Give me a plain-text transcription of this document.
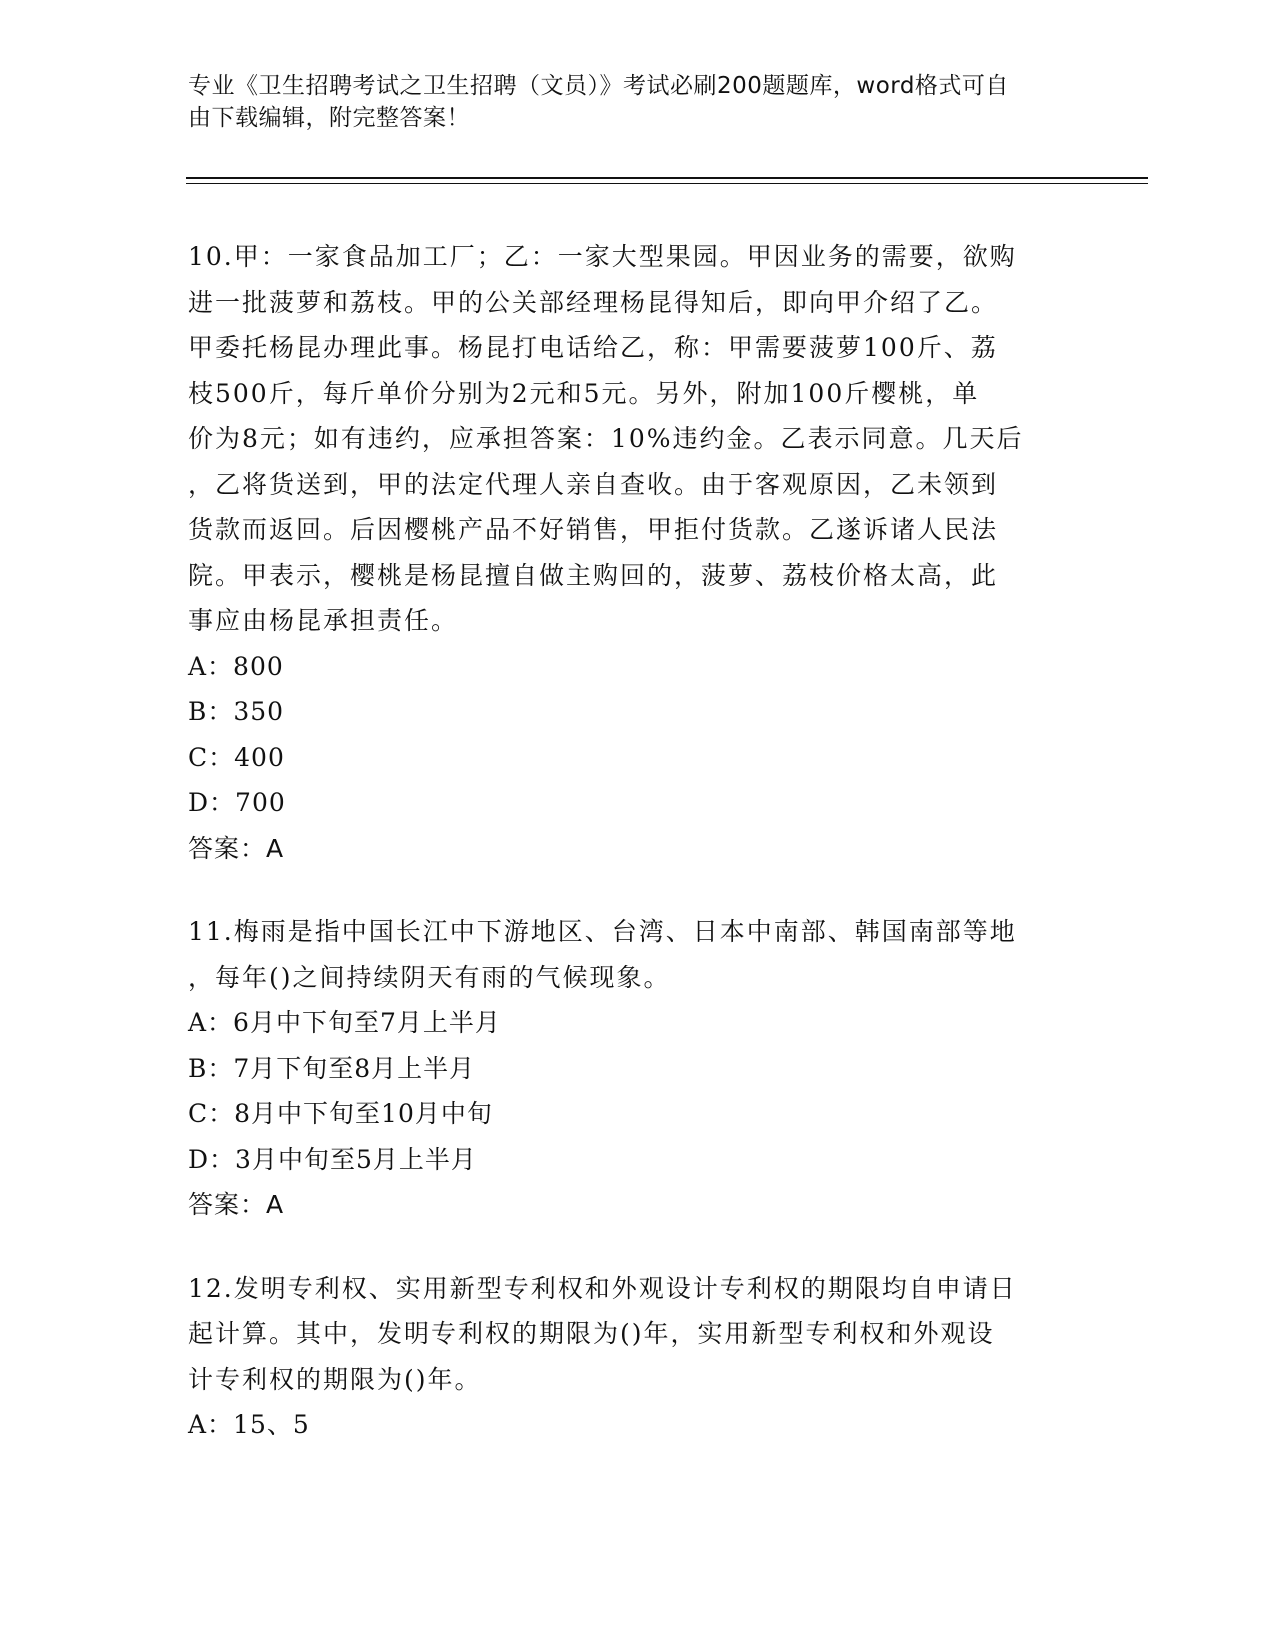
专业《卫生招聘考试之卫生招聘（文员）》考试必刷200题题库，word格式可自
由下载编辑，附完整答案！

10.甲：一家食品加工厂；乙：一家大型果园。甲因业务的需要，欲购
进一批菠萝和荔枝。甲的公关部经理杨昆得知后，即向甲介绍了乙。
甲委托杨昆办理此事。杨昆打电话给乙，称：甲需要菠萝100斤、荔
枝500斤，每斤单价分别为2元和5元。另外，附加100斤樱桃，单
价为8元；如有违约，应承担答案：10%违约金。乙表示同意。几天后
，乙将货送到，甲的法定代理人亲自查收。由于客观原因，乙未领到
货款而返回。后因樱桃产品不好销售，甲拒付货款。乙遂诉诸人民法
院。甲表示，樱桃是杨昆擅自做主购回的，菠萝、荔枝价格太高，此
事应由杨昆承担责任。

A：800

B：350

C：400

D：700

答案：A

11.梅雨是指中国长江中下游地区、台湾、日本中南部、韩国南部等地
，每年()之间持续阴天有雨的气候现象。

A：6月中下旬至7月上半月

B：7月下旬至8月上半月

C：8月中下旬至10月中旬

D：3月中旬至5月上半月

答案：A

12.发明专利权、实用新型专利权和外观设计专利权的期限均自申请日
起计算。其中，发明专利权的期限为()年，实用新型专利权和外观设
计专利权的期限为()年。

A：15、5
